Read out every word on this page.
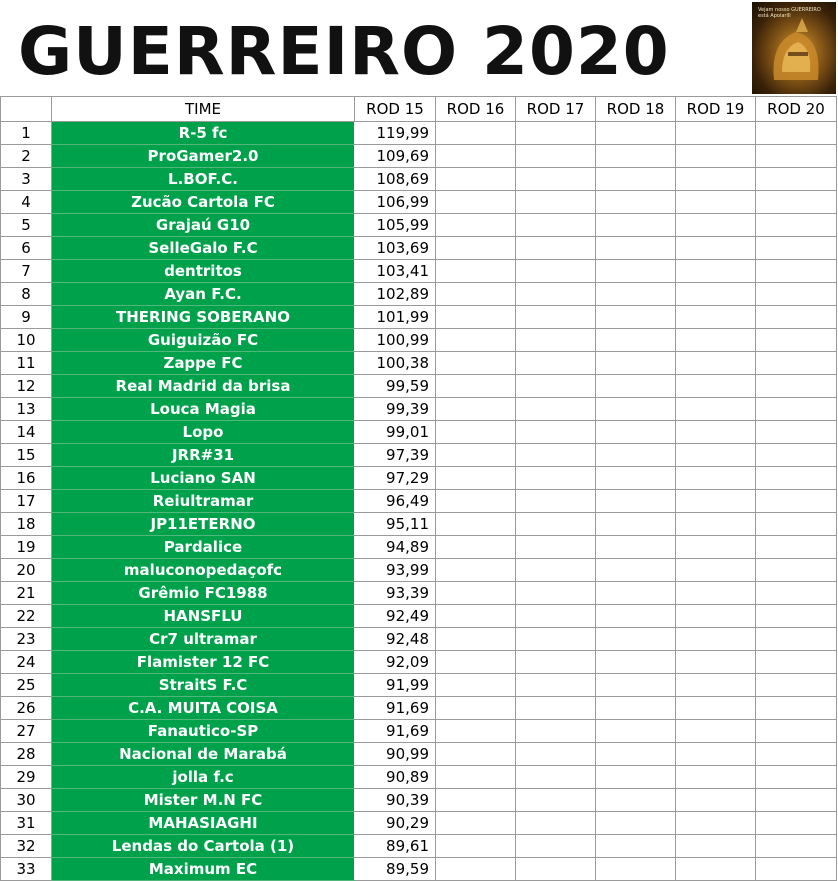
GUERREIRO 2020
Vejam nosso GUERREIRO está Apoiarlll
	TIME	ROD 15	ROD 16	ROD 17	ROD 18	ROD 19	ROD 20
1	R-5 fc	119,99					
2	ProGamer2.0	109,69					
3	L.BOF.C.	108,69					
4	Zucão Cartola FC	106,99					
5	Grajaú G10	105,99					
6	SelleGalo F.C	103,69					
7	dentritos	103,41					
8	Ayan F.C.	102,89					
9	THERING SOBERANO	101,99					
10	Guiguizão FC	100,99					
11	Zappe FC	100,38					
12	Real Madrid da brisa	99,59					
13	Louca Magia	99,39					
14	Lopo	99,01					
15	JRR#31	97,39					
16	Luciano SAN	97,29					
17	Reiultramar	96,49					
18	JP11ETERNO	95,11					
19	Pardalice	94,89					
20	maluconopedaçofc	93,99					
21	Grêmio FC1988	93,39					
22	HANSFLU	92,49					
23	Cr7 ultramar	92,48					
24	Flamister 12 FC	92,09					
25	StraitS F.C	91,99					
26	C.A. MUITA COISA	91,69					
27	Fanautico-SP	91,69					
28	Nacional de Marabá	90,99					
29	jolla f.c	90,89					
30	Mister M.N FC	90,39					
31	MAHASIAGHI	90,29					
32	Lendas do Cartola (1)	89,61					
33	Maximum EC	89,59					
